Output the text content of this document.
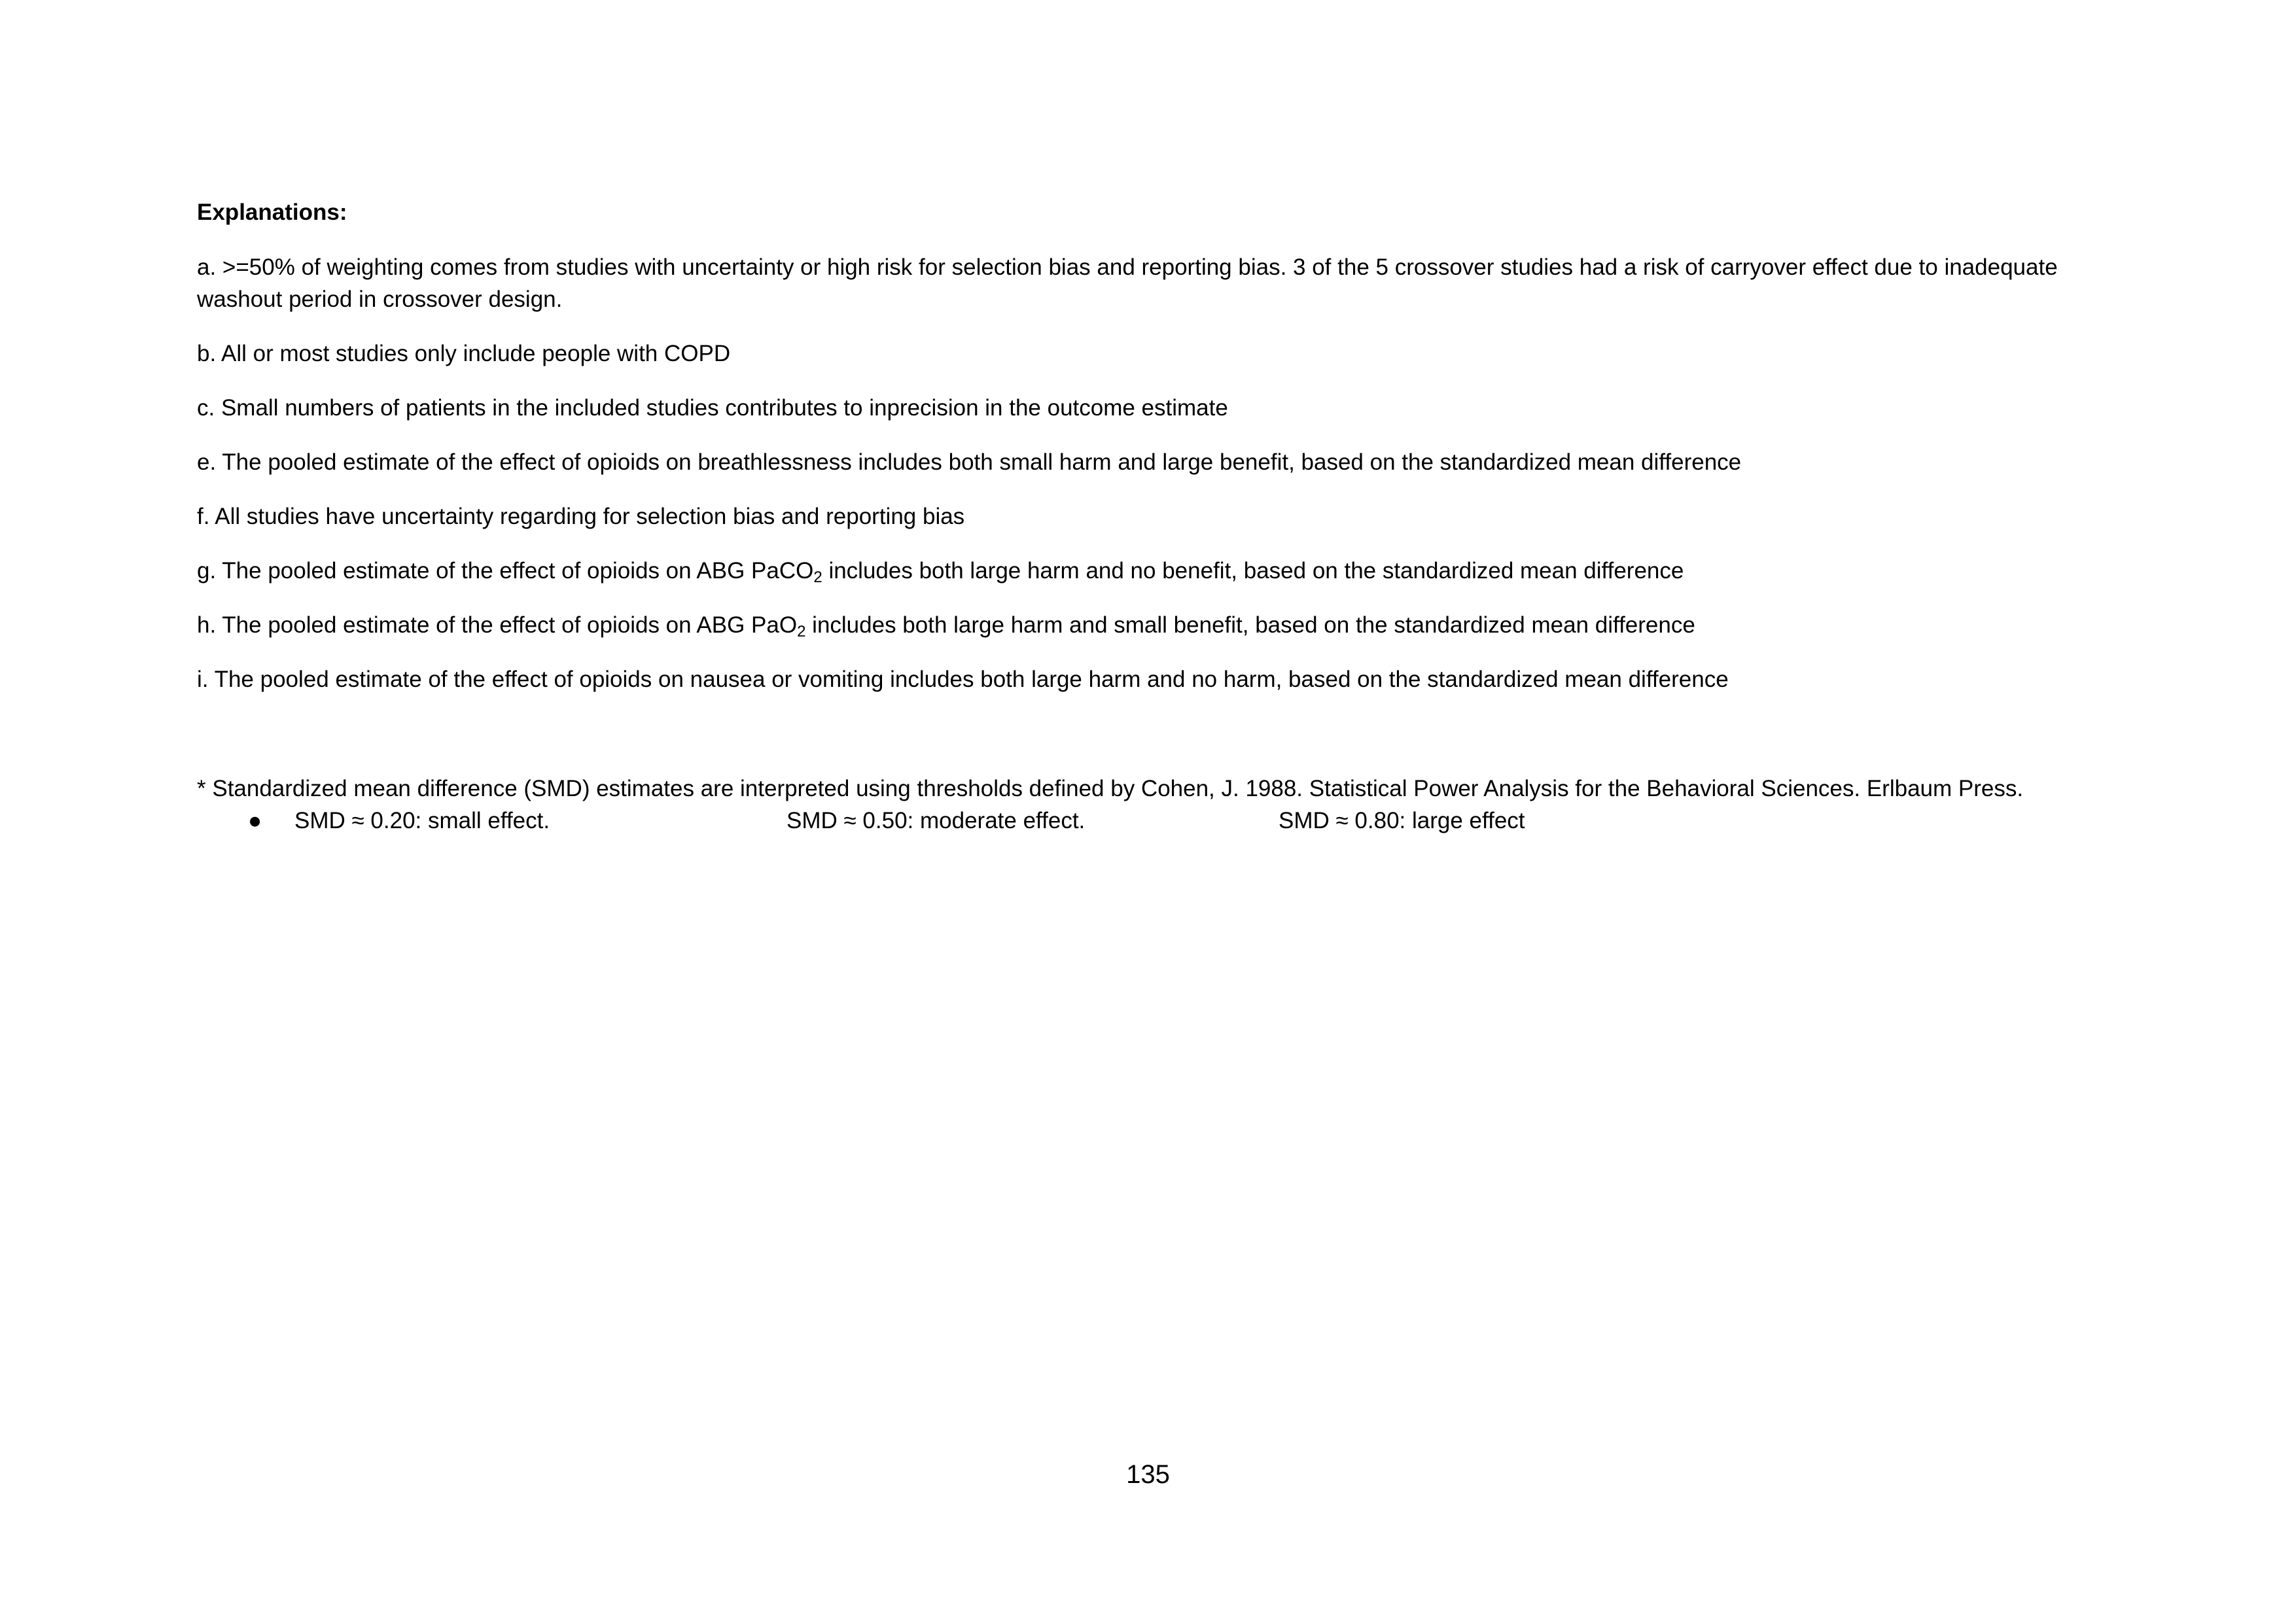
Explanations:
a. >=50% of weighting comes from studies with uncertainty or high risk for selection bias and reporting bias. 3 of the 5 crossover studies had a risk of carryover effect due to inadequate
washout period in crossover design.
b. All or most studies only include people with COPD
c. Small numbers of patients in the included studies contributes to inprecision in the outcome estimate
e. The pooled estimate of the effect of opioids on breathlessness includes both small harm and large benefit, based on the standardized mean difference
f. All studies have uncertainty regarding for selection bias and reporting bias
g. The pooled estimate of the effect of opioids on ABG PaCO$_2$ includes both large harm and no benefit, based on the standardized mean difference
h. The pooled estimate of the effect of opioids on ABG PaO$_2$ includes both large harm and small benefit, based on the standardized mean difference
i. The pooled estimate of the effect of opioids on nausea or vomiting includes both large harm and no harm, based on the standardized mean difference
* Standardized mean difference (SMD) estimates are interpreted using thresholds defined by Cohen, J. 1988. Statistical Power Analysis for the Behavioral Sciences. Erlbaum Press.
● SMD ≈ 0.20: small effect.	SMD ≈ 0.50: moderate effect.	SMD ≈ 0.80: large effect
135
